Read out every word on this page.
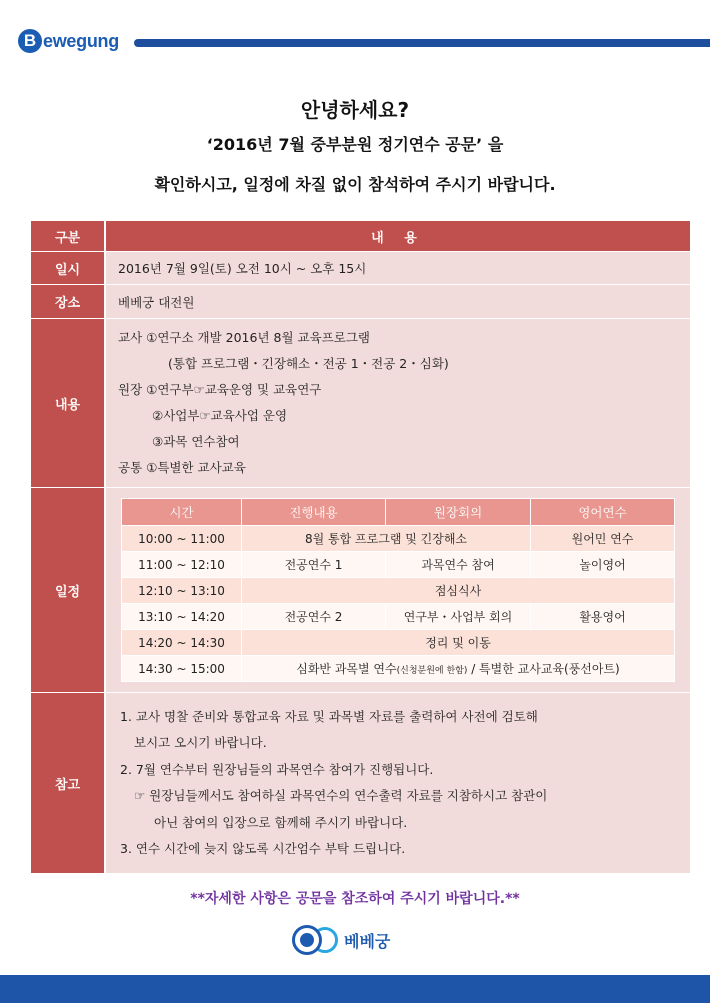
B ewegung
안녕하세요?
‘2016년 7월 중부분원 정기연수 공문’ 을
확인하시고, 일정에 차질 없이 참석하여 주시기 바랍니다.
구분	내 용
일시	2016년 7월 9일(토) 오전 10시 ~ 오후 15시
장소	베베궁 대전원
내용	
교사 ①연구소 개발 2016년 8월 교육프로그램
(통합 프로그램・긴장해소・전공 1・전공 2・심화)
원장 ①연구부☞교육운영 및 교육연구
②사업부☞교육사업 운영
③과목 연수참여
공통 ①특별한 교사교육

일정	
시간	진행내용	원장회의	영어연수
10:00 ~ 11:00	8월 통합 프로그램 및 긴장해소	원어민 연수
11:00 ~ 12:10	전공연수 1	과목연수 참여	놀이영어
12:10 ~ 13:10	점심식사
13:10 ~ 14:20	전공연수 2	연구부・사업부 회의	활용영어
14:20 ~ 14:30	정리 및 이동
14:30 ~ 15:00	심화반 과목별 연수(신청분원에 한함) / 특별한 교사교육(풍선아트)

참고	
1. 교사 명찰 준비와 통합교육 자료 및 과목별 자료를 출력하여 사전에 검토해
보시고 오시기 바랍니다.
2. 7월 연수부터 원장님들의 과목연수 참여가 진행됩니다.
☞ 원장님들께서도 참여하실 과목연수의 연수출력 자료를 지참하시고 참관이
아닌 참여의 입장으로 함께해 주시기 바랍니다.
3. 연수 시간에 늦지 않도록 시간엄수 부탁 드립니다.
**자세한 사항은 공문을 참조하여 주시기 바랍니다.**
베베궁
